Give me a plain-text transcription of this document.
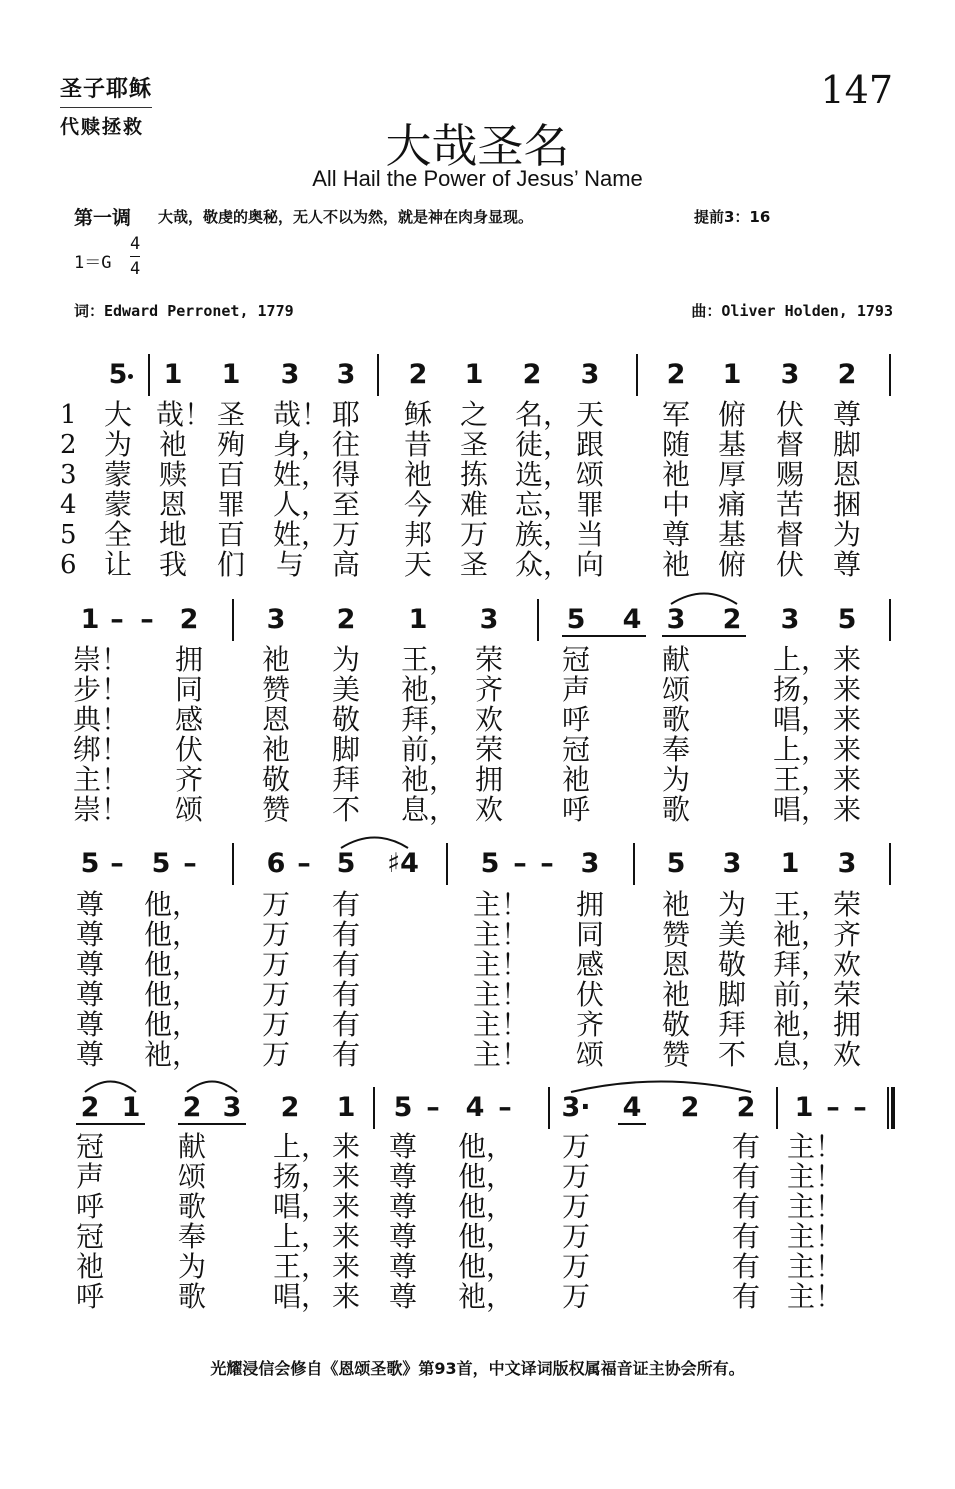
圣子耶稣
代赎拯救
147
大哉圣名
All Hail the Power of Jesus’ Name
第一调 大哉，敬虔的奥秘，无人不以为然，就是神在肉身显现。	提前3：16
1＝G
4
4
词：Edward Perronet, 1779	曲：Oliver Holden, 1793
1
2
3
4
5
6
5	1	1	3	3	2	1	2	3	2	1	3	2
大 哉！ 圣 哉！ 耶 稣 之 名， 天 军 俯 伏 尊
为 祂 殉 身， 往 昔 圣 徒， 跟 随 基 督 脚
蒙 赎 百 姓， 得 祂 拣 选， 颂 祂 厚 赐 恩
蒙 恩 罪 人， 至 今 难 忘， 罪 中 痛 苦 捆
全 地 百 姓， 万 邦 万 族， 当 尊 基 督 为
让 我 们 与 高 天 圣 众， 向 祂 俯 伏 尊
1 – – 2	3	2	1	3	5	4 3	2	3	5
崇！ 拥 祂 为 王， 荣 冠	献	上， 来
步！ 同 赞 美 祂， 齐 声	颂	扬， 来
典！ 感 恩 敬 拜， 欢 呼	歌	唱， 来
绑！ 伏 祂 脚 前， 荣 冠	奉	上， 来
主！ 齐 敬 拜 祂， 拥 祂	为	王， 来
崇！ 颂 赞 不 息， 欢 呼	歌	唱， 来
5 –	5 –	6 – 5	♯4	5 – – 3	5	3	1	3
尊 他， 万 有	主！ 拥 祂 为 王， 荣
尊 他， 万 有	主！ 同 赞 美 祂， 齐
尊 他， 万 有	主！ 感 恩 敬 拜， 欢
尊 他， 万 有	主！ 伏 祂 脚 前， 荣
尊 他， 万 有	主！ 齐 敬 拜 祂， 拥
尊 祂， 万 有	主！ 颂 赞 不 息， 欢
2 1	2 3	2	1	5 – 4 –	3·	4	2	2	1 – –
冠	献 上， 来 尊 他， 万	有 主！
声	颂 扬， 来 尊 他， 万	有 主！
呼	歌 唱， 来 尊 他， 万	有 主！
冠	奉 上， 来 尊 他， 万	有 主！
祂	为 王， 来 尊 他， 万	有 主！
呼	歌 唱， 来 尊 祂， 万	有 主！
光耀浸信会修自《恩颂圣歌》第93首，中文译词版权属福音证主协会所有。
